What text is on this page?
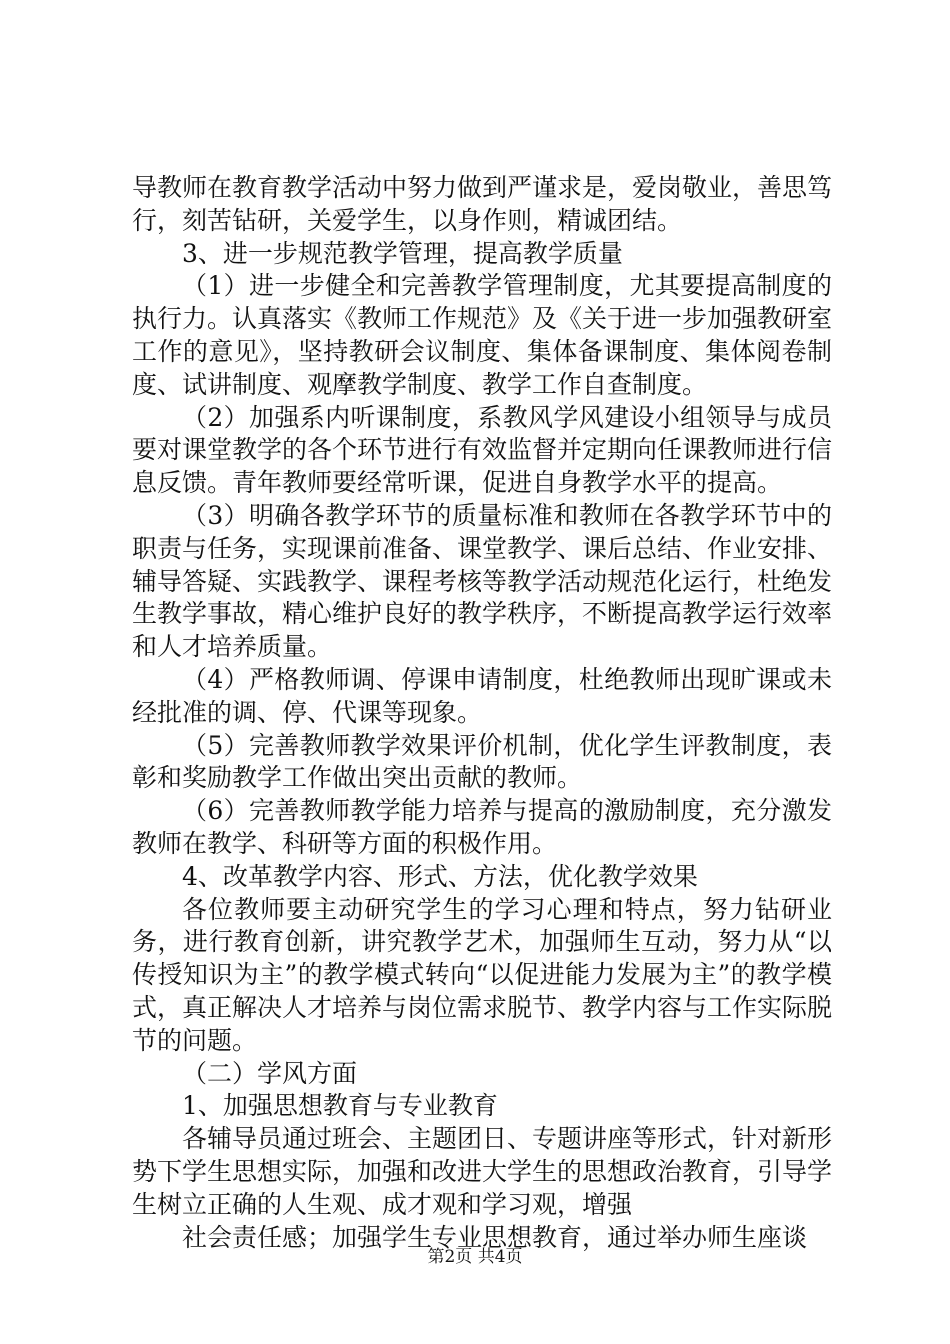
导教师在教育教学活动中努力做到严谨求是，爱岗敬业，善思笃行，刻苦钻研，关爱学生，以身作则，精诚团结。

3、进一步规范教学管理，提高教学质量

（1）进一步健全和完善教学管理制度，尤其要提高制度的执行力。认真落实《教师工作规范》及《关于进一步加强教研室工作的意见》，坚持教研会议制度、集体备课制度、集体阅卷制度、试讲制度、观摩教学制度、教学工作自查制度。

（2）加强系内听课制度，系教风学风建设小组领导与成员要对课堂教学的各个环节进行有效监督并定期向任课教师进行信息反馈。青年教师要经常听课，促进自身教学水平的提高。

（3）明确各教学环节的质量标准和教师在各教学环节中的职责与任务，实现课前准备、课堂教学、课后总结、作业安排、辅导答疑、实践教学、课程考核等教学活动规范化运行，杜绝发生教学事故，精心维护良好的教学秩序，不断提高教学运行效率和人才培养质量。

（4）严格教师调、停课申请制度，杜绝教师出现旷课或未经批准的调、停、代课等现象。

（5）完善教师教学效果评价机制，优化学生评教制度，表彰和奖励教学工作做出突出贡献的教师。

（6）完善教师教学能力培养与提高的激励制度，充分激发教师在教学、科研等方面的积极作用。

4、改革教学内容、形式、方法，优化教学效果

各位教师要主动研究学生的学习心理和特点，努力钻研业务，进行教育创新，讲究教学艺术，加强师生互动，努力从“以传授知识为主”的教学模式转向“以促进能力发展为主”的教学模式，真正解决人才培养与岗位需求脱节、教学内容与工作实际脱节的问题。

（二）学风方面

1、加强思想教育与专业教育

各辅导员通过班会、主题团日、专题讲座等形式，针对新形势下学生思想实际，加强和改进大学生的思想政治教育，引导学生树立正确的人生观、成才观和学习观，增强

社会责任感；加强学生专业思想教育，通过举办师生座谈

第2页 共4页
